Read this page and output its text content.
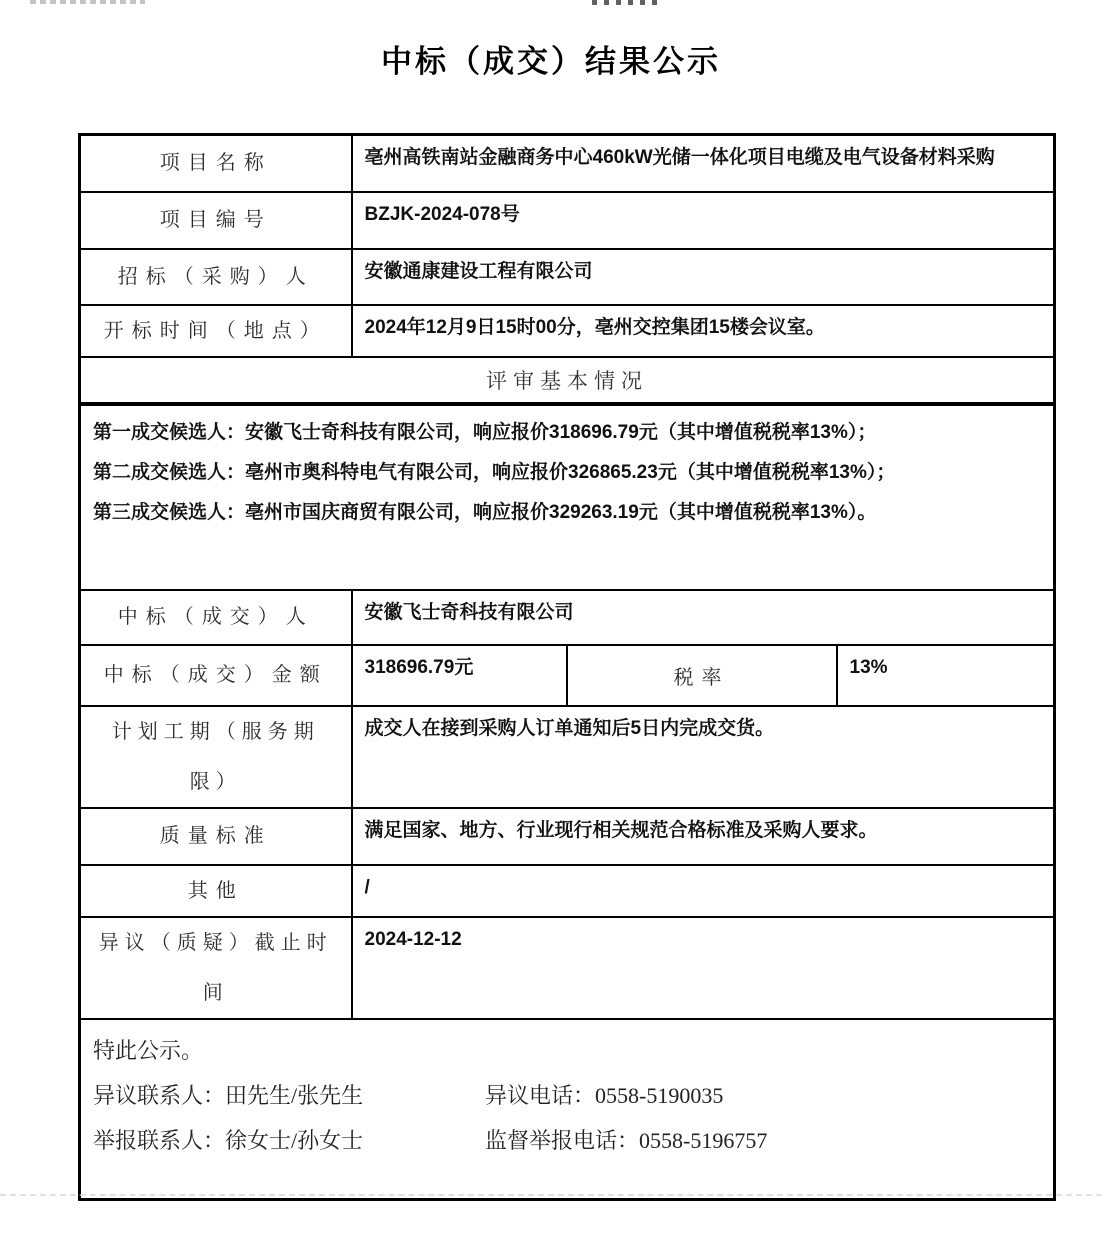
中标（成交）结果公示
项目名称	亳州高铁南站金融商务中心460kW光储一体化项目电缆及电气设备材料采购		
项目编号	BZJK-2024-078号		
招标（采购）人	安徽通康建设工程有限公司		
开标时间（地点）	2024年12月9日15时00分，亳州交控集团15楼会议室。		
评审基本情况			

第一成交候选人：安徽飞士奇科技有限公司，响应报价318696.79元（其中增值税税率13%）；
第二成交候选人：亳州市奥科特电气有限公司，响应报价326865.23元（其中增值税税率13%）；
第三成交候选人：亳州市国庆商贸有限公司，响应报价329263.19元（其中增值税税率13%）。			

中标（成交）人	安徽飞士奇科技有限公司		
中标（成交）金额	318696.79元	税率	13%
计划工期（服务期限）	成交人在接到采购人订单通知后5日内完成交货。		
质量标准	满足国家、地方、行业现行相关规范合格标准及采购人要求。		
其他	/		
异议（质疑）截止时间	2024-12-12		

特此公示。
异议联系人：田先生/张先生 异议电话：0558-5190035
举报联系人：徐女士/孙女士 监督举报电话：0558-5196757			
